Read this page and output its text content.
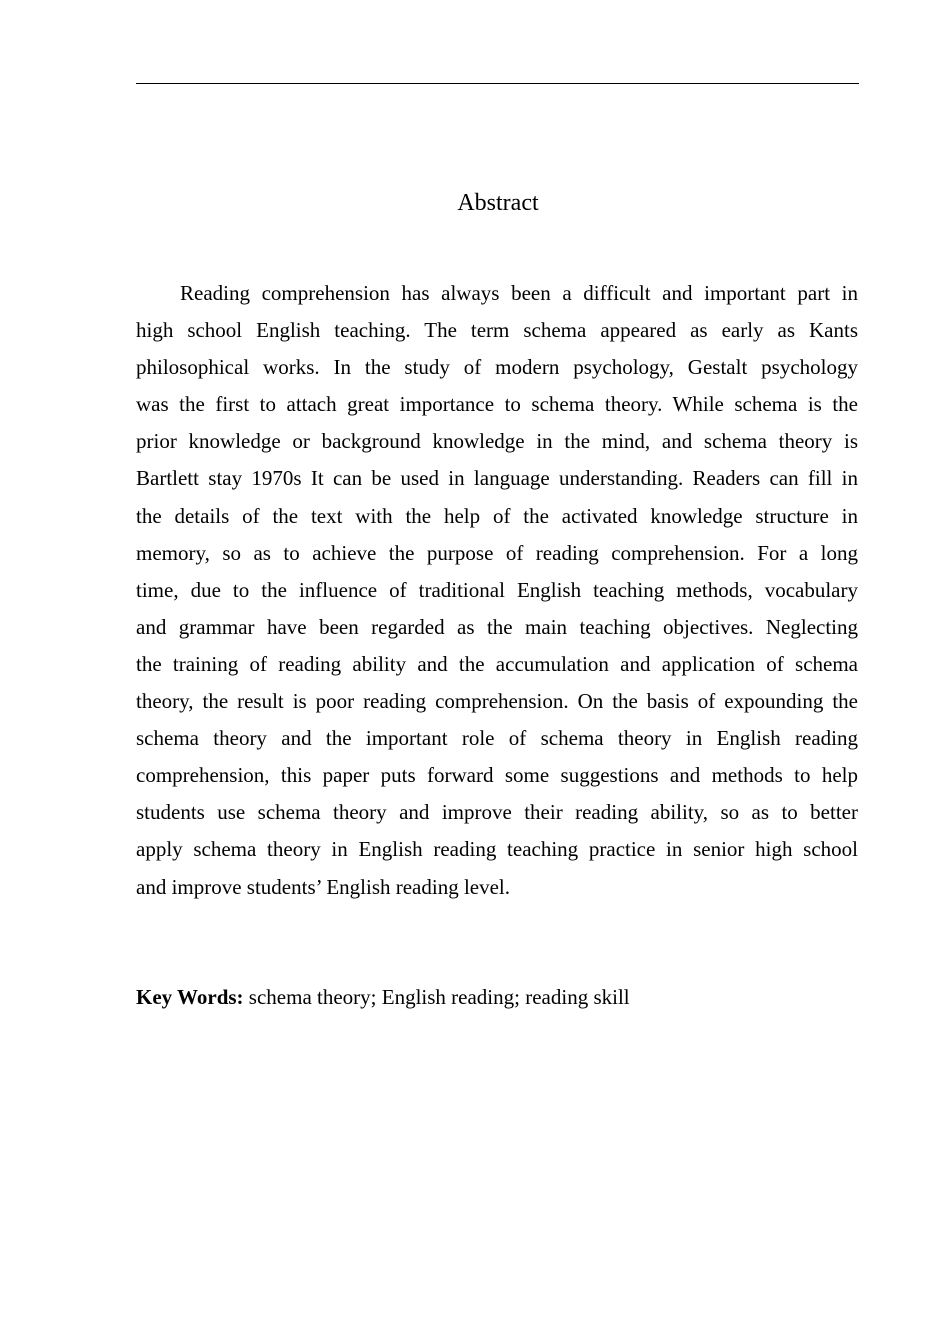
Abstract
Reading comprehension has always been a difficult and important part in
high school English teaching. The term schema appeared as early as Kants
philosophical works. In the study of modern psychology, Gestalt psychology
was the first to attach great importance to schema theory. While schema is the
prior knowledge or background knowledge in the mind, and schema theory is
Bartlett stay 1970s It can be used in language understanding. Readers can fill in
the details of the text with the help of the activated knowledge structure in
memory, so as to achieve the purpose of reading comprehension. For a long
time, due to the influence of traditional English teaching methods, vocabulary
and grammar have been regarded as the main teaching objectives. Neglecting
the training of reading ability and the accumulation and application of schema
theory, the result is poor reading comprehension. On the basis of expounding the
schema theory and the important role of schema theory in English reading
comprehension, this paper puts forward some suggestions and methods to help
students use schema theory and improve their reading ability, so as to better
apply schema theory in English reading teaching practice in senior high school
and improve students’ English reading level.
Key Words: schema theory; English reading; reading skill
